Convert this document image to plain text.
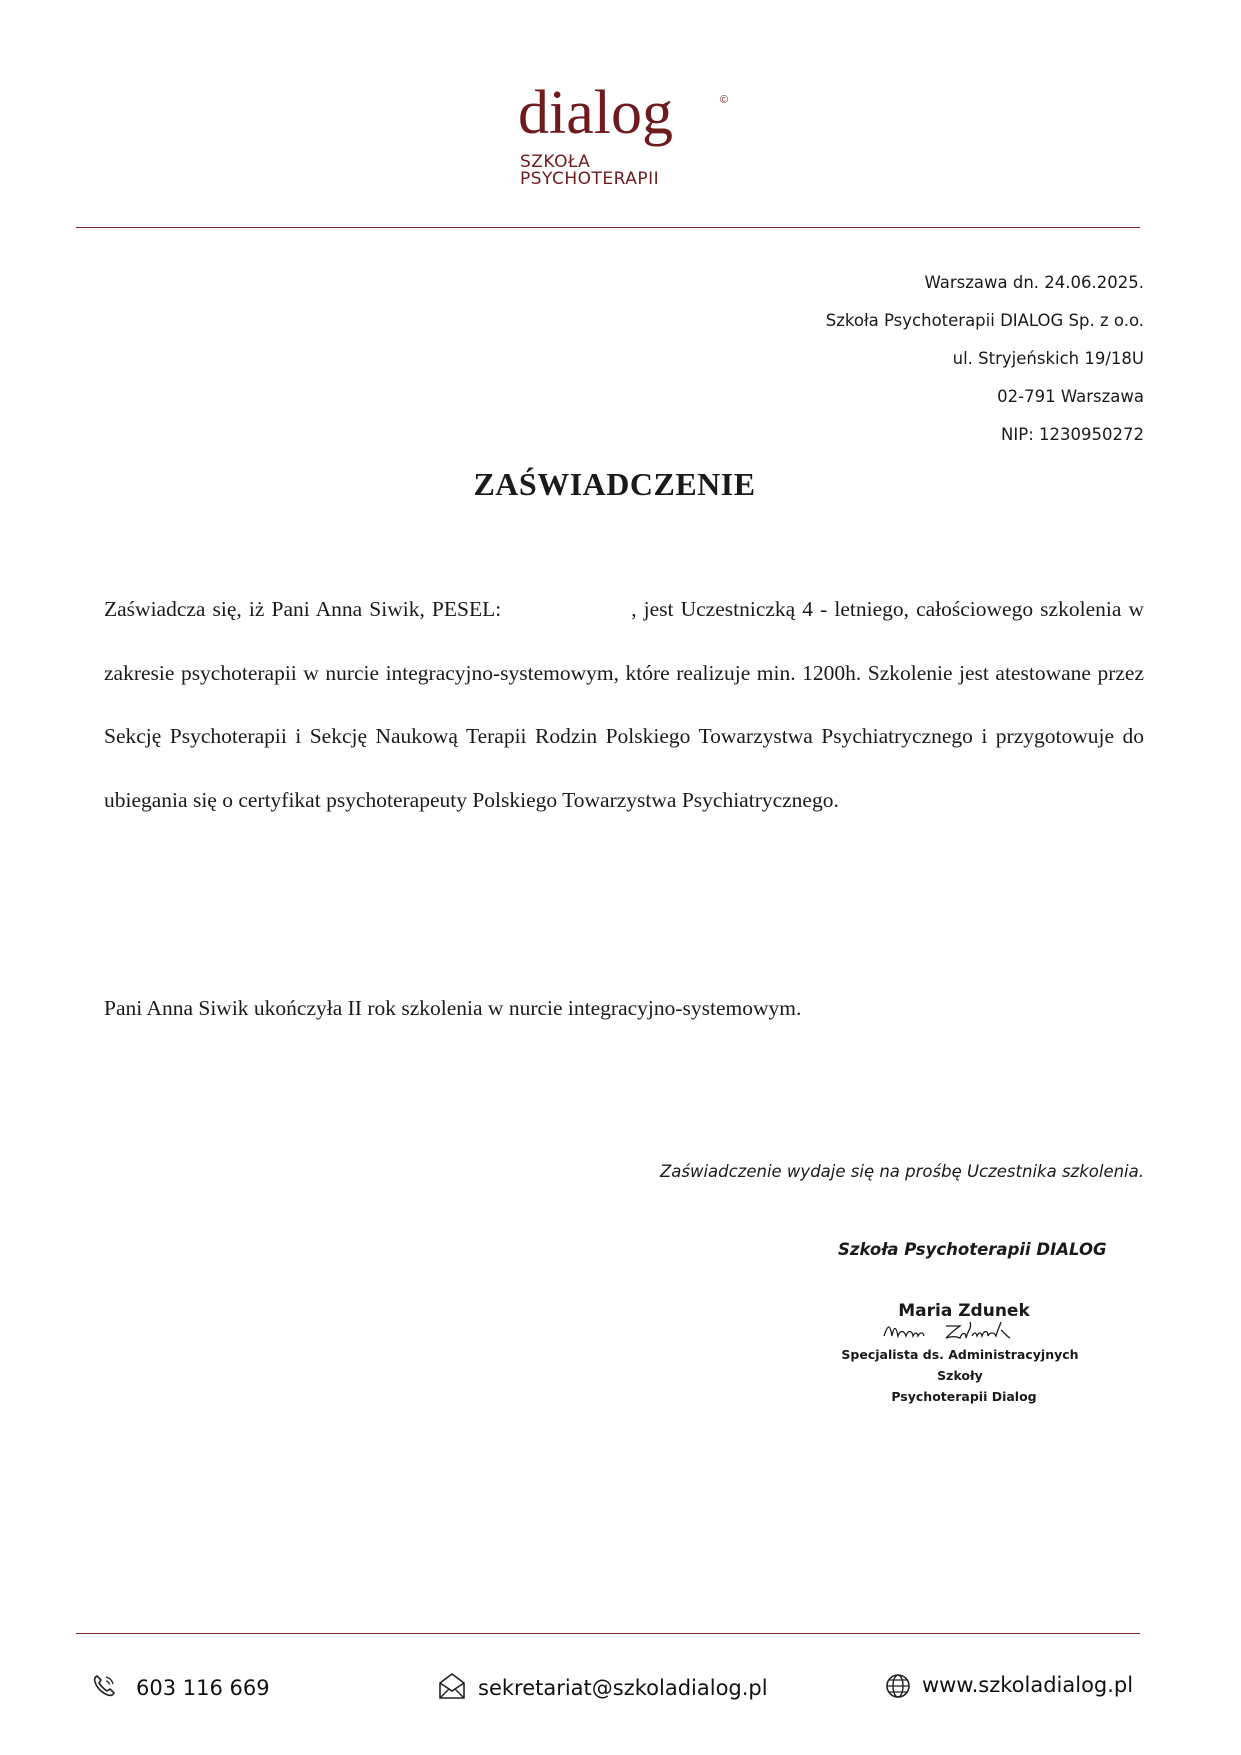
dialog	©
SZKOŁA
PSYCHOTERAPII
Warszawa dn. 24.06.2025.
Szkoła Psychoterapii DIALOG Sp. z o.o.
ul. Stryjeńskich 19/18U
02-791 Warszawa
NIP: 1230950272
ZAŚWIADCZENIE
Zaświadcza się, iż Pani Anna Siwik, PESEL:	, jest Uczestniczką 4 - letniego, całościowego szkolenia w zakresie psychoterapii w nurcie integracyjno-systemowym, które realizuje min. 1200h. Szkolenie jest atestowane przez Sekcję Psychoterapii i Sekcję Naukową Terapii Rodzin Polskiego Towarzystwa Psychiatrycznego i przygotowuje do ubiegania się o certyfikat psychoterapeuty Polskiego Towarzystwa Psychiatrycznego.
Pani Anna Siwik ukończyła II rok szkolenia w nurcie integracyjno-systemowym.
Zaświadczenie wydaje się na prośbę Uczestnika szkolenia.
Szkoła Psychoterapii DIALOG
Maria Zdunek
Specjalista ds. Administracyjnych Szkoły
Psychoterapii Dialog
603 116 669	sekretariat@szkoladialog.pl	www.szkoladialog.pl
